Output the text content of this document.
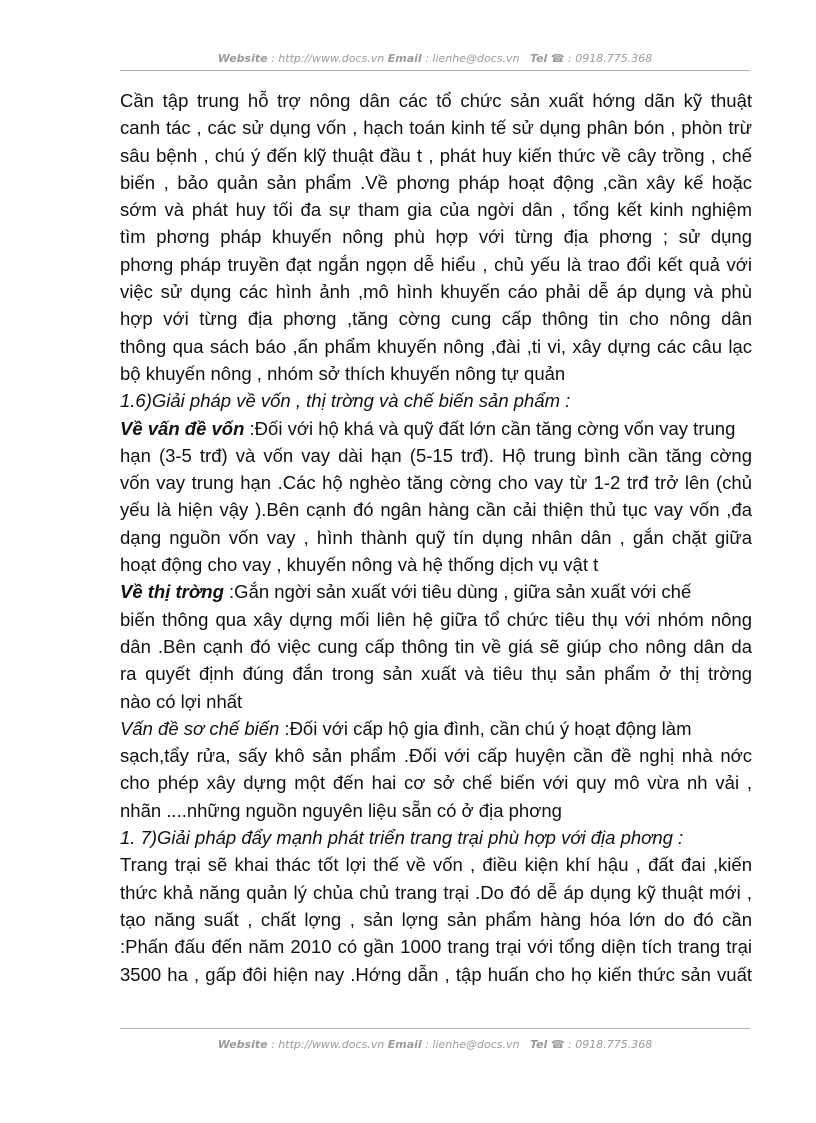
Website : http://www.docs.vn Email : lienhe@docs.vn Tel ☎ : 0918.775.368
Cần tập trung hỗ trợ nông dân các tổ chức sản xuất hớng dãn kỹ thuật
canh tác , các sử dụng vốn , hạch toán kinh tế sử dụng phân bón , phòn trừ
sâu bệnh , chú ý đến klỹ thuật đầu t , phát huy kiến thức về cây trồng , chế
biến , bảo quản sản phẩm .Về phơng pháp hoạt động ,cần xây kế hoặc
sớm và phát huy tối đa sự tham gia của ngời dân , tổng kết kinh nghiệm
tìm phơng pháp khuyến nông phù hợp với từng địa phơng ; sử dụng
phơng pháp truyền đạt ngắn ngọn dễ hiểu , chủ yếu là trao đổi kết quả với
việc sử dụng các hình ảnh ,mô hình khuyến cáo phải dễ áp dụng và phù
hợp với từng địa phơng ,tăng cờng cung cấp thông tin cho nông dân
thông qua sách báo ,ấn phẩm khuyến nông ,đài ,ti vi, xây dựng các câu lạc
bộ khuyến nông , nhóm sở thích khuyến nông tự quản
1.6)Giải pháp về vốn , thị trờng và chế biến sản phẩm :
Về vấn đề vốn :Đối với hộ khá và quỹ đất lớn cần tăng cờng vốn vay trung
hạn (3-5 trđ) và vốn vay dài hạn (5-15 trđ). Hộ trung bình cần tăng cờng
vốn vay trung hạn .Các hộ nghèo tăng cờng cho vay từ 1-2 trđ trở lên (chủ
yếu là hiện vậy ).Bên cạnh đó ngân hàng cần cải thiện thủ tục vay vốn ,đa
dạng nguồn vốn vay , hình thành quỹ tín dụng nhân dân , gắn chặt giữa
hoạt động cho vay , khuyến nông và hệ thống dịch vụ vật t
Về thị trờng :Gắn ngời sản xuất với tiêu dùng , giữa sản xuất với chế
biến thông qua xây dựng mối liên hệ giữa tổ chức tiêu thụ với nhóm nông
dân .Bên cạnh đó việc cung cấp thông tin về giá sẽ giúp cho nông dân da
ra quyết định đúng đắn trong sản xuất và tiêu thụ sản phẩm ở thị trờng
nào có lợi nhất
Vấn đề sơ chế biến :Đối với cấp hộ gia đình, cần chú ý hoạt động làm
sạch,tẩy rửa, sấy khô sản phẩm .Đối với cấp huyện cần đề nghị nhà nớc
cho phép xây dựng một đến hai cơ sở chế biến với quy mô vừa nh vải ,
nhãn ....những nguồn nguyên liệu sẵn có ở địa phơng
1. 7)Giải pháp đẩy mạnh phát triển trang trại phù hợp với địa phơng :
Trang trại sẽ khai thác tốt lợi thế về vốn , điều kiện khí hậu , đất đai ,kiến
thức khả năng quản lý chủa chủ trang trại .Do đó dễ áp dụng kỹ thuật mới ,
tạo năng suất , chất lợng , sản lợng sản phẩm hàng hóa lớn do đó cần
:Phấn đấu đến năm 2010 có gần 1000 trang trại với tổng diện tích trang trại
3500 ha , gấp đôi hiện nay .Hớng dẫn , tập huấn cho họ kiến thức sản vuất
Website : http://www.docs.vn Email : lienhe@docs.vn Tel ☎ : 0918.775.368
